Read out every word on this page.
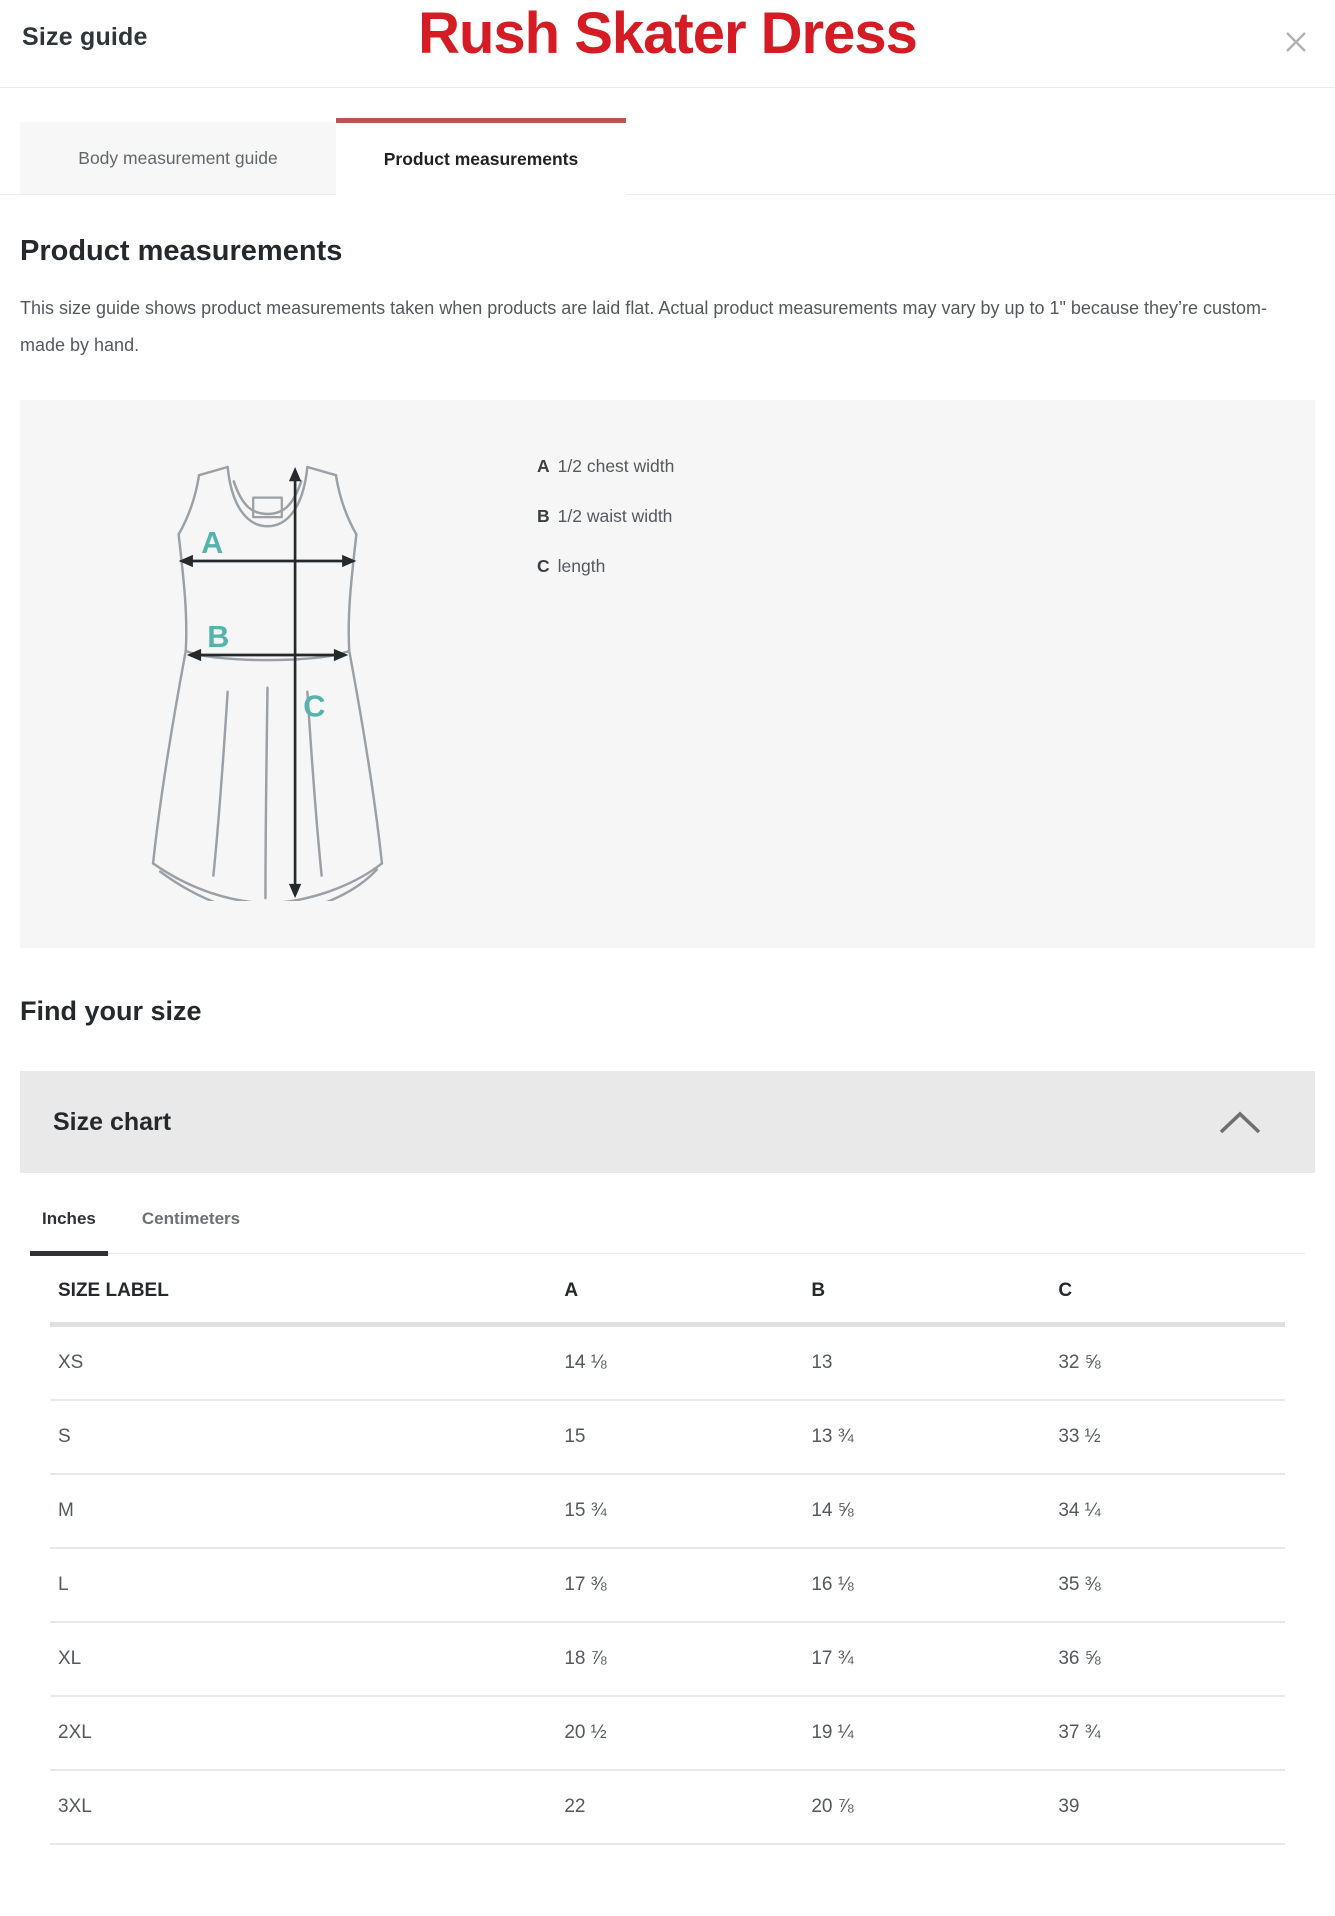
Size guide	Rush Skater Dress
Body measurement guide	Product measurements
Product measurements

This size guide shows product measurements taken when products are laid flat. Actual product measurements may vary by up to 1" because they’re custom-made by hand.

A
B
C
A 1/2 chest width
B 1/2 waist width
C length
Find your size
Size chart
Inches	Centimeters
SIZE LABEL	A	B	C
XS	14 ⅛	13	32 ⅝
S	15	13 ¾	33 ½
M	15 ¾	14 ⅝	34 ¼
L	17 ⅜	16 ⅛	35 ⅜
XL	18 ⅞	17 ¾	36 ⅝
2XL	20 ½	19 ¼	37 ¾
3XL	22	20 ⅞	39
